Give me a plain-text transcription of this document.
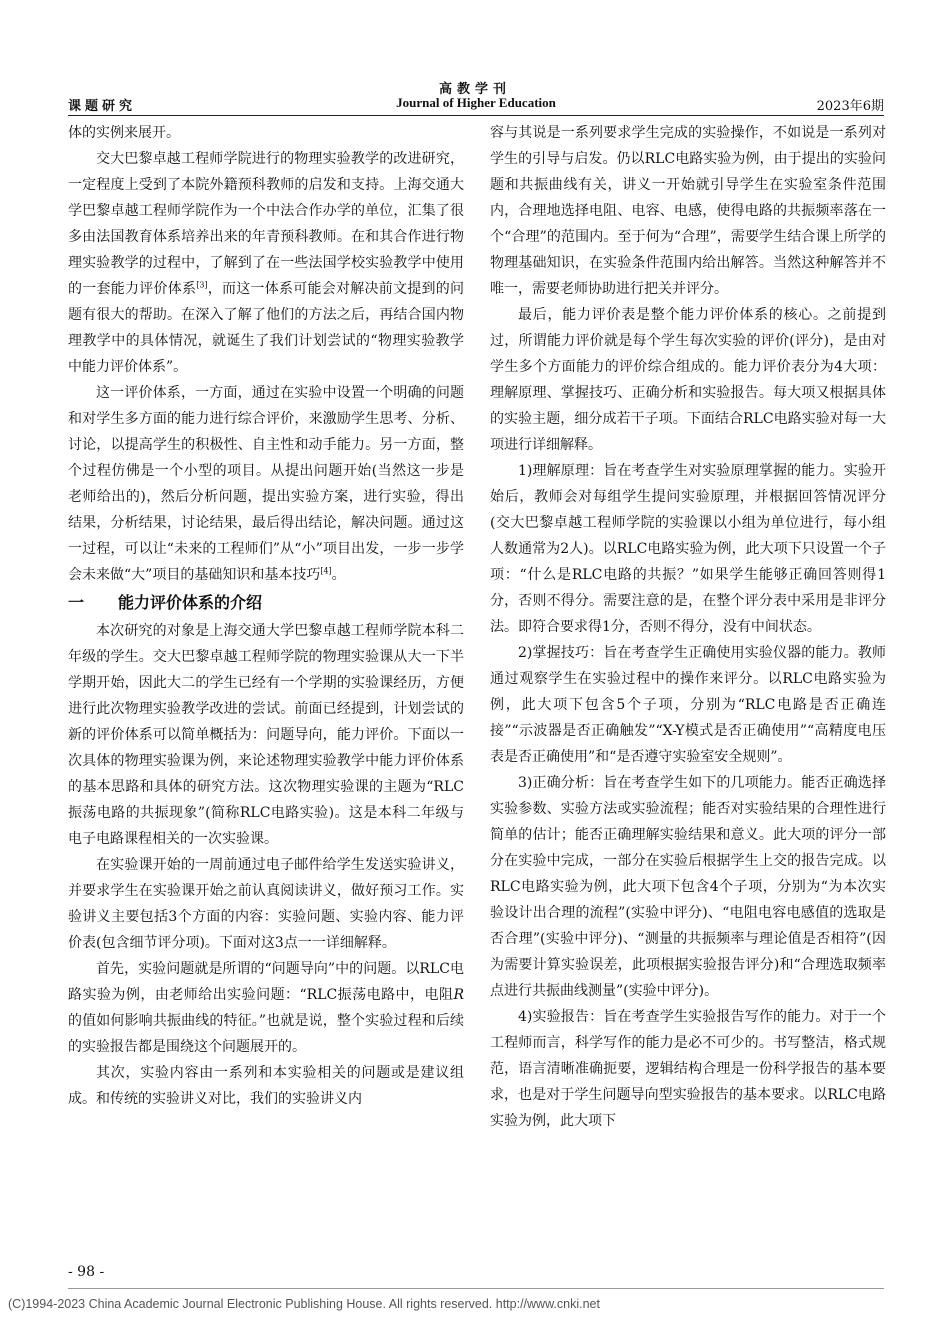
高教学刊
课题研究	Journal of Higher Education	2023年6期

体的实例来展开。

交大巴黎卓越工程师学院进行的物理实验教学的改进研究，一定程度上受到了本院外籍预科教师的启发和支持。上海交通大学巴黎卓越工程师学院作为一个中法合作办学的单位，汇集了很多由法国教育体系培养出来的年青预科教师。在和其合作进行物理实验教学的过程中，了解到了在一些法国学校实验教学中使用的一套能力评价体系[3]，而这一体系可能会对解决前文提到的问题有很大的帮助。在深入了解了他们的方法之后，再结合国内物理教学中的具体情况，就诞生了我们计划尝试的“物理实验教学中能力评价体系”。

这一评价体系，一方面，通过在实验中设置一个明确的问题和对学生多方面的能力进行综合评价，来激励学生思考、分析、讨论，以提高学生的积极性、自主性和动手能力。另一方面，整个过程仿佛是一个小型的项目。从提出问题开始(当然这一步是老师给出的)，然后分析问题，提出实验方案，进行实验，得出结果，分析结果，讨论结果，最后得出结论，解决问题。通过这一过程，可以让“未来的工程师们”从“小”项目出发，一步一步学会未来做“大”项目的基础知识和基本技巧[4]。

一 能力评价体系的介绍

本次研究的对象是上海交通大学巴黎卓越工程师学院本科二年级的学生。交大巴黎卓越工程师学院的物理实验课从大一下半学期开始，因此大二的学生已经有一个学期的实验课经历，方便进行此次物理实验教学改进的尝试。前面已经提到，计划尝试的新的评价体系可以简单概括为：问题导向，能力评价。下面以一次具体的物理实验课为例，来论述物理实验教学中能力评价体系的基本思路和具体的研究方法。这次物理实验课的主题为“RLC振荡电路的共振现象”(简称RLC电路实验)。这是本科二年级与电子电路课程相关的一次实验课。

在实验课开始的一周前通过电子邮件给学生发送实验讲义，并要求学生在实验课开始之前认真阅读讲义，做好预习工作。实验讲义主要包括3个方面的内容：实验问题、实验内容、能力评价表(包含细节评分项)。下面对这3点一一详细解释。

首先，实验问题就是所谓的“问题导向”中的问题。以RLC电路实验为例，由老师给出实验问题：“RLC振荡电路中，电阻R的值如何影响共振曲线的特征。”也就是说，整个实验过程和后续的实验报告都是围绕这个问题展开的。

其次，实验内容由一系列和本实验相关的问题或是建议组成。和传统的实验讲义对比，我们的实验讲义内

容与其说是一系列要求学生完成的实验操作，不如说是一系列对学生的引导与启发。仍以RLC电路实验为例，由于提出的实验问题和共振曲线有关，讲义一开始就引导学生在实验室条件范围内，合理地选择电阻、电容、电感，使得电路的共振频率落在一个“合理”的范围内。至于何为“合理”，需要学生结合课上所学的物理基础知识，在实验条件范围内给出解答。当然这种解答并不唯一，需要老师协助进行把关并评分。

最后，能力评价表是整个能力评价体系的核心。之前提到过，所谓能力评价就是每个学生每次实验的评价(评分)，是由对学生多个方面能力的评价综合组成的。能力评价表分为4大项：理解原理、掌握技巧、正确分析和实验报告。每大项又根据具体的实验主题，细分成若干子项。下面结合RLC电路实验对每一大项进行详细解释。

1)理解原理：旨在考查学生对实验原理掌握的能力。实验开始后，教师会对每组学生提问实验原理，并根据回答情况评分(交大巴黎卓越工程师学院的实验课以小组为单位进行，每小组人数通常为2人)。以RLC电路实验为例，此大项下只设置一个子项：“什么是RLC电路的共振？”如果学生能够正确回答则得1分，否则不得分。需要注意的是，在整个评分表中采用是非评分法。即符合要求得1分，否则不得分，没有中间状态。

2)掌握技巧：旨在考查学生正确使用实验仪器的能力。教师通过观察学生在实验过程中的操作来评分。以RLC电路实验为例，此大项下包含5个子项，分别为“RLC电路是否正确连接”“示波器是否正确触发”“X-Y模式是否正确使用”“高精度电压表是否正确使用”和“是否遵守实验室安全规则”。

3)正确分析：旨在考查学生如下的几项能力。能否正确选择实验参数、实验方法或实验流程；能否对实验结果的合理性进行简单的估计；能否正确理解实验结果和意义。此大项的评分一部分在实验中完成，一部分在实验后根据学生上交的报告完成。以RLC电路实验为例，此大项下包含4个子项，分别为“为本次实验设计出合理的流程”(实验中评分)、“电阻电容电感值的选取是否合理”(实验中评分)、“测量的共振频率与理论值是否相符”(因为需要计算实验误差，此项根据实验报告评分)和“合理选取频率点进行共振曲线测量”(实验中评分)。

4)实验报告：旨在考查学生实验报告写作的能力。对于一个工程师而言，科学写作的能力是必不可少的。书写整洁，格式规范，语言清晰准确扼要，逻辑结构合理是一份科学报告的基本要求，也是对于学生问题导向型实验报告的基本要求。以RLC电路实验为例，此大项下

- 98 -
(C)1994-2023 China Academic Journal Electronic Publishing House. All rights reserved. http://www.cnki.net
